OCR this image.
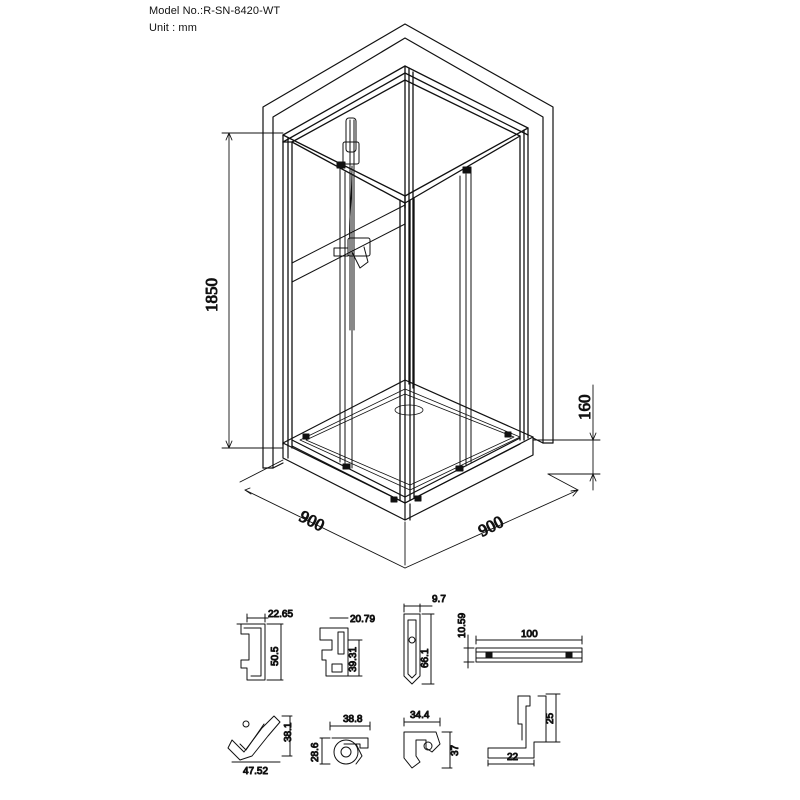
Model No.:R-SN-8420-WT
Unit : mm
1850
160
900	900
22.65
50.5
20.79
39.31
9.7
66.1
10.59	100
38.1
47.52
38.8
28.6
34.4
37
25
22
